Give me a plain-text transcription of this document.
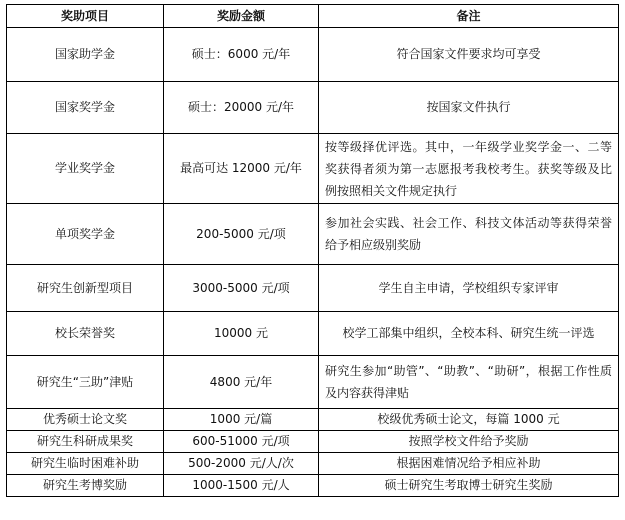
奖助项目	奖励金额	备注
国家助学金	硕士：6000 元/年	符合国家文件要求均可享受
国家奖学金	硕士：20000 元/年	按国家文件执行
学业奖学金	最高可达 12000 元/年	按等级择优评选。其中，一年级学业奖学金一、二等奖获得者须为第一志愿报考我校考生。获奖等级及比例按照相关文件规定执行
单项奖学金	200-5000 元/项	参加社会实践、社会工作、科技文体活动等获得荣誉给予相应级别奖励
研究生创新型项目	3000-5000 元/项	学生自主申请，学校组织专家评审
校长荣誉奖	10000 元	校学工部集中组织，全校本科、研究生统一评选
研究生“三助”津贴	4800 元/年	研究生参加“助管”、“助教”、“助研”，根据工作性质及内容获得津贴
优秀硕士论文奖	1000 元/篇	校级优秀硕士论文，每篇 1000 元
研究生科研成果奖	600-51000 元/项	按照学校文件给予奖励
研究生临时困难补助	500-2000 元/人/次	根据困难情况给予相应补助
研究生考博奖励	1000-1500 元/人	硕士研究生考取博士研究生奖励
